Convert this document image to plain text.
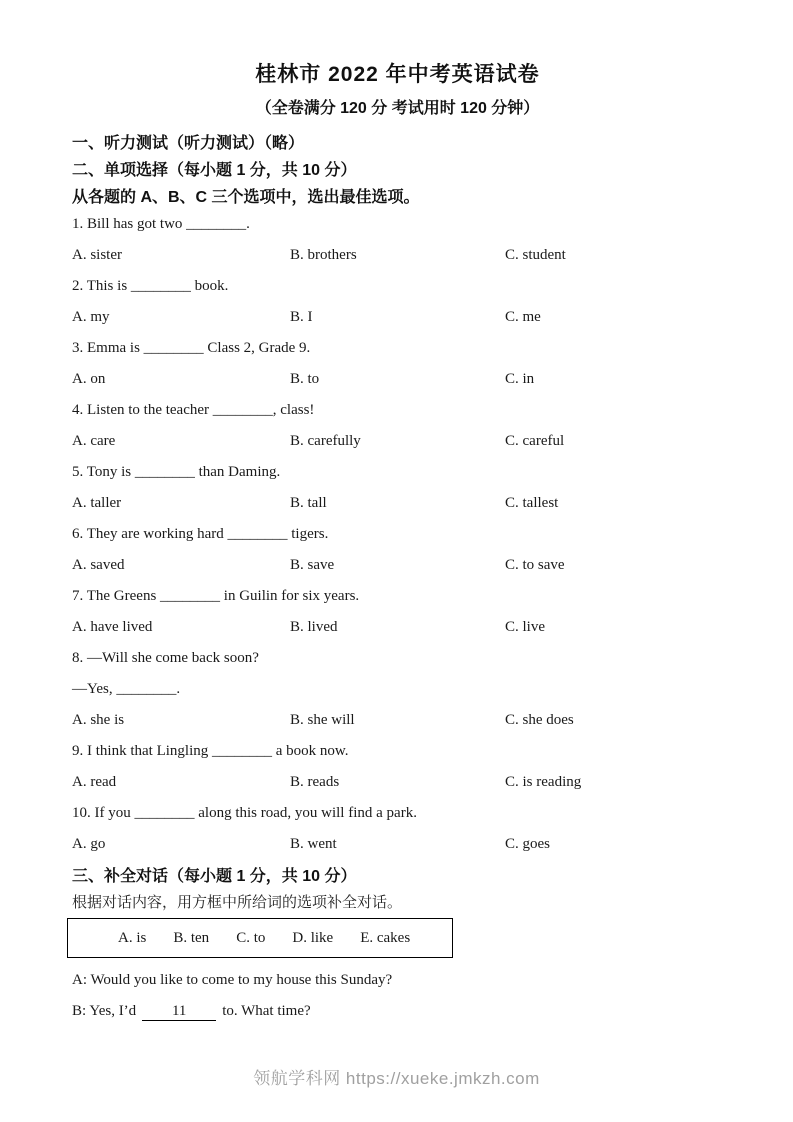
桂林市 2022 年中考英语试卷
（全卷满分 120 分 考试用时 120 分钟）
一、听力测试（听力测试）（略）
二、单项选择（每小题 1 分，共 10 分）
从各题的 A、B、C 三个选项中，选出最佳选项。
1. Bill has got two ________.
A. sister	B. brothers	C. student
2. This is ________ book.
A. my	B. I	C. me
3. Emma is ________ Class 2, Grade 9.
A. on	B. to	C. in
4. Listen to the teacher ________, class!
A. care	B. carefully	C. careful
5. Tony is ________ than Daming.
A. taller	B. tall	C. tallest
6. They are working hard ________ tigers.
A. saved	B. save	C. to save
7. The Greens ________ in Guilin for six years.
A. have lived	B. lived	C. live
8. —Will she come back soon?
—Yes, ________.
A. she is	B. she will	C. she does
9. I think that Lingling ________ a book now.
A. read	B. reads	C. is reading
10. If you ________ along this road, you will find a park.
A. go	B. went	C. goes
三、补全对话（每小题 1 分，共 10 分）
根据对话内容，用方框中所给词的选项补全对话。
A. is B. ten C. to D. like E. cakes
A: Would you like to come to my house this Sunday?
B: Yes, I’d	11	to. What time?
领航学科网 https://xueke.jmkzh.com
